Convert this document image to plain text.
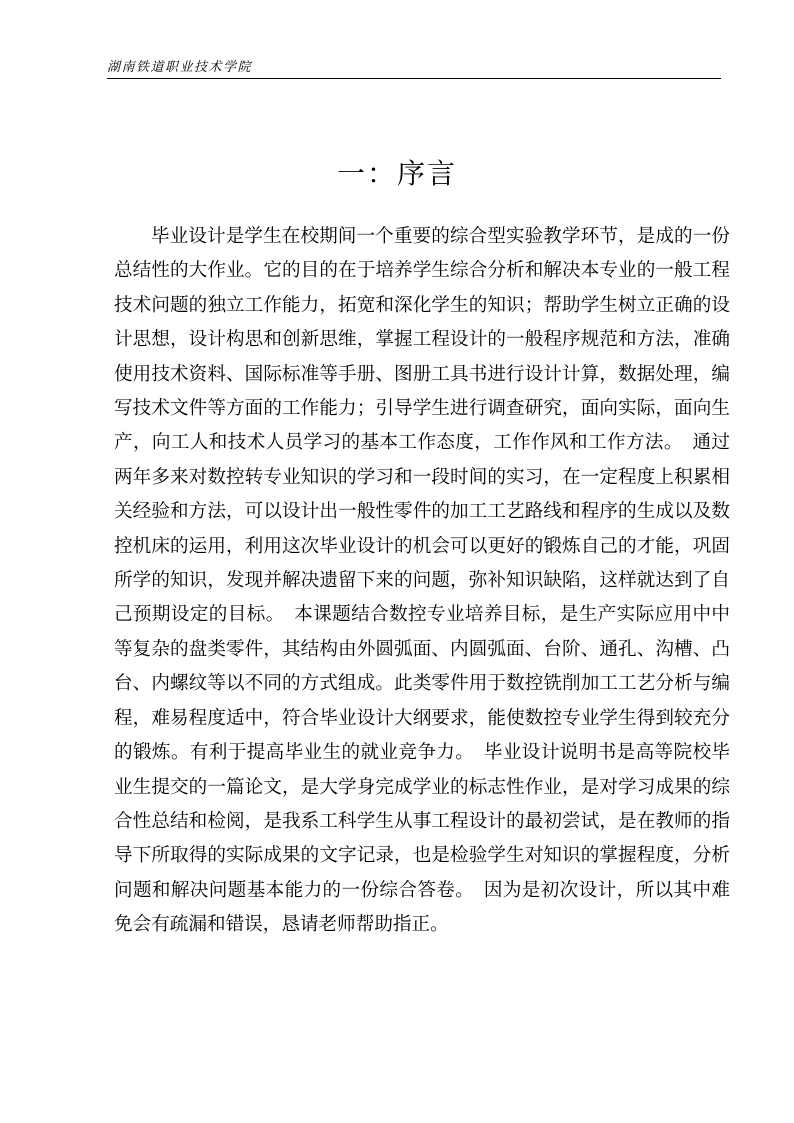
湖南铁道职业技术学院
一：序言

毕业设计是学生在校期间一个重要的综合型实验教学环节，是成的一份总结性的大作业。它的目的在于培养学生综合分析和解决本专业的一般工程技术问题的独立工作能力，拓宽和深化学生的知识；帮助学生树立正确的设计思想，设计构思和创新思维，掌握工程设计的一般程序规范和方法，准确使用技术资料、国际标准等手册、图册工具书进行设计计算，数据处理，编写技术文件等方面的工作能力；引导学生进行调查研究，面向实际，面向生产，向工人和技术人员学习的基本工作态度，工作作风和工作方法。　通过两年多来对数控转专业知识的学习和一段时间的实习，在一定程度上积累相关经验和方法，可以设计出一般性零件的加工工艺路线和程序的生成以及数控机床的运用，利用这次毕业设计的机会可以更好的锻炼自己的才能，巩固所学的知识，发现并解决遗留下来的问题，弥补知识缺陷，这样就达到了自己预期设定的目标。　本课题结合数控专业培养目标，是生产实际应用中中等复杂的盘类零件，其结构由外圆弧面、内圆弧面、台阶、通孔、沟槽、凸台、内螺纹等以不同的方式组成。此类零件用于数控铣削加工工艺分析与编程，难易程度适中，符合毕业设计大纲要求，能使数控专业学生得到较充分的锻炼。有利于提高毕业生的就业竞争力。　毕业设计说明书是高等院校毕业生提交的一篇论文，是大学身完成学业的标志性作业，是对学习成果的综合性总结和检阅，是我系工科学生从事工程设计的最初尝试，是在教师的指导下所取得的实际成果的文字记录，也是检验学生对知识的掌握程度，分析问题和解决问题基本能力的一份综合答卷。　因为是初次设计，所以其中难免会有疏漏和错误，恳请老师帮助指正。
